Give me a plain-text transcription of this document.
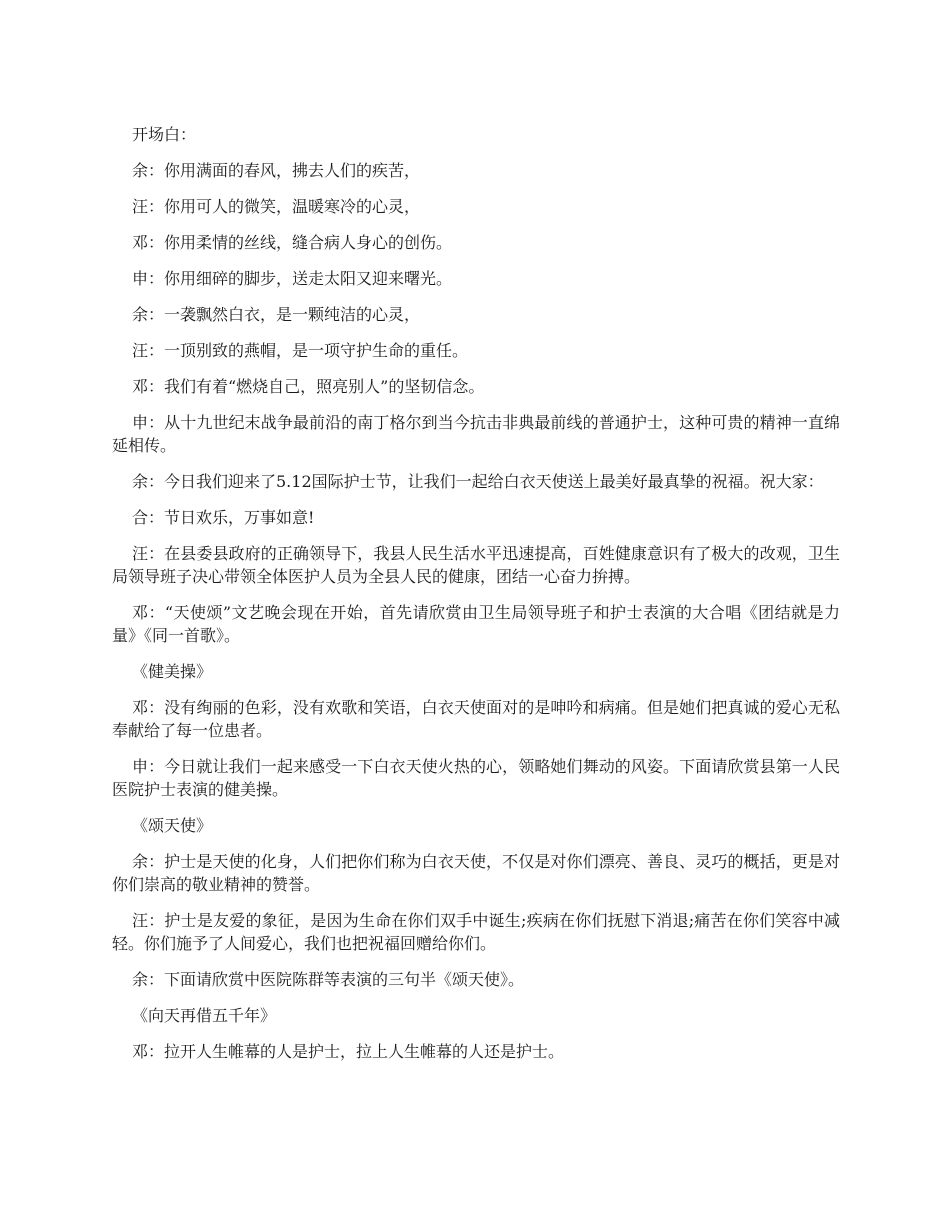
开场白：

余：你用满面的春风，拂去人们的疾苦，

汪：你用可人的微笑，温暖寒冷的心灵，

邓：你用柔情的丝线，缝合病人身心的创伤。

申：你用细碎的脚步，送走太阳又迎来曙光。

余：一袭飘然白衣，是一颗纯洁的心灵，

汪：一顶别致的燕帽，是一项守护生命的重任。

邓：我们有着“燃烧自己，照亮别人”的坚韧信念。

申：从十九世纪末战争最前沿的南丁格尔到当今抗击非典最前线的普通护士，这种可贵的精神一直绵延相传。

余：今日我们迎来了5.12国际护士节，让我们一起给白衣天使送上最美好最真挚的祝福。祝大家：

合：节日欢乐，万事如意!

汪：在县委县政府的正确领导下，我县人民生活水平迅速提高，百姓健康意识有了极大的改观，卫生局领导班子决心带领全体医护人员为全县人民的健康，团结一心奋力拚搏。

邓：“天使颂”文艺晚会现在开始，首先请欣赏由卫生局领导班子和护士表演的大合唱《团结就是力量》《同一首歌》。

《健美操》

邓：没有绚丽的色彩，没有欢歌和笑语，白衣天使面对的是呻吟和病痛。但是她们把真诚的爱心无私奉献给了每一位患者。

申：今日就让我们一起来感受一下白衣天使火热的心，领略她们舞动的风姿。下面请欣赏县第一人民医院护士表演的健美操。

《颂天使》

余：护士是天使的化身，人们把你们称为白衣天使，不仅是对你们漂亮、善良、灵巧的概括，更是对你们崇高的敬业精神的赞誉。

汪：护士是友爱的象征，是因为生命在你们双手中诞生;疾病在你们抚慰下消退;痛苦在你们笑容中减轻。你们施予了人间爱心，我们也把祝福回赠给你们。

余：下面请欣赏中医院陈群等表演的三句半《颂天使》。

《向天再借五千年》

邓：拉开人生帷幕的人是护士，拉上人生帷幕的人还是护士。
